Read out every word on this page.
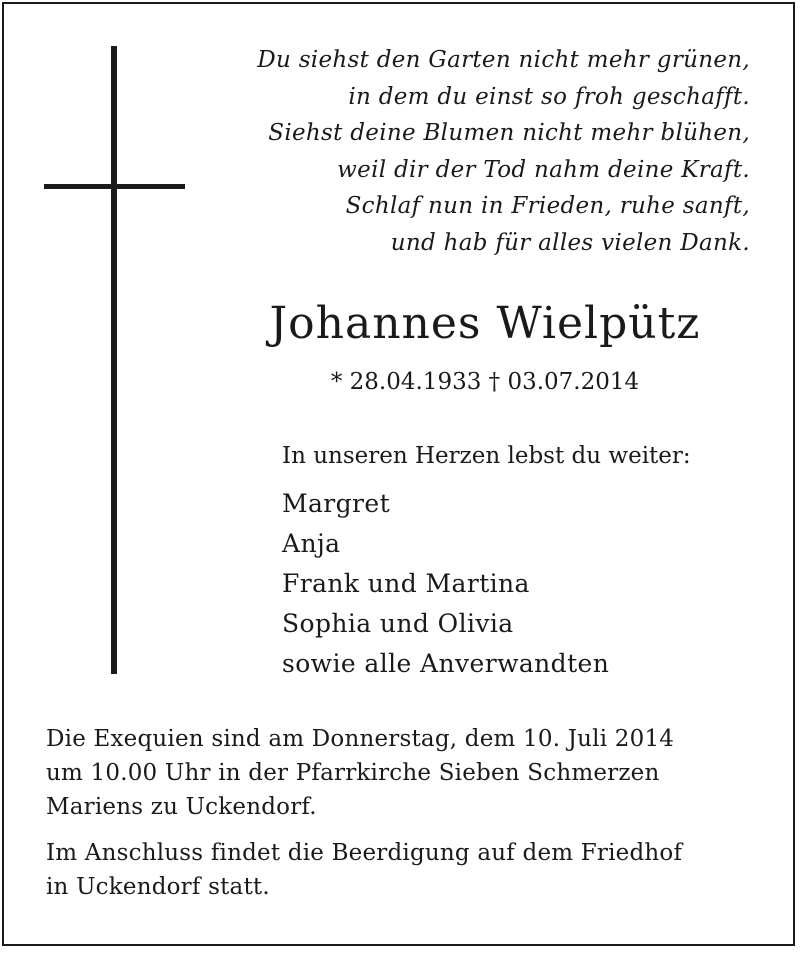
Du siehst den Garten nicht mehr grünen,
in dem du einst so froh geschafft.
Siehst deine Blumen nicht mehr blühen,
weil dir der Tod nahm deine Kraft.
Schlaf nun in Frieden, ruhe sanft,
und hab für alles vielen Dank.
Johannes Wielpütz
* 28.04.1933 † 03.07.2014
In unseren Herzen lebst du weiter:
Margret
Anja
Frank und Martina
Sophia und Olivia
sowie alle Anverwandten
Die Exequien sind am Donnerstag, dem 10. Juli 2014
um 10.00 Uhr in der Pfarrkirche Sieben Schmerzen
Mariens zu Uckendorf.
Im Anschluss findet die Beerdigung auf dem Friedhof
in Uckendorf statt.
